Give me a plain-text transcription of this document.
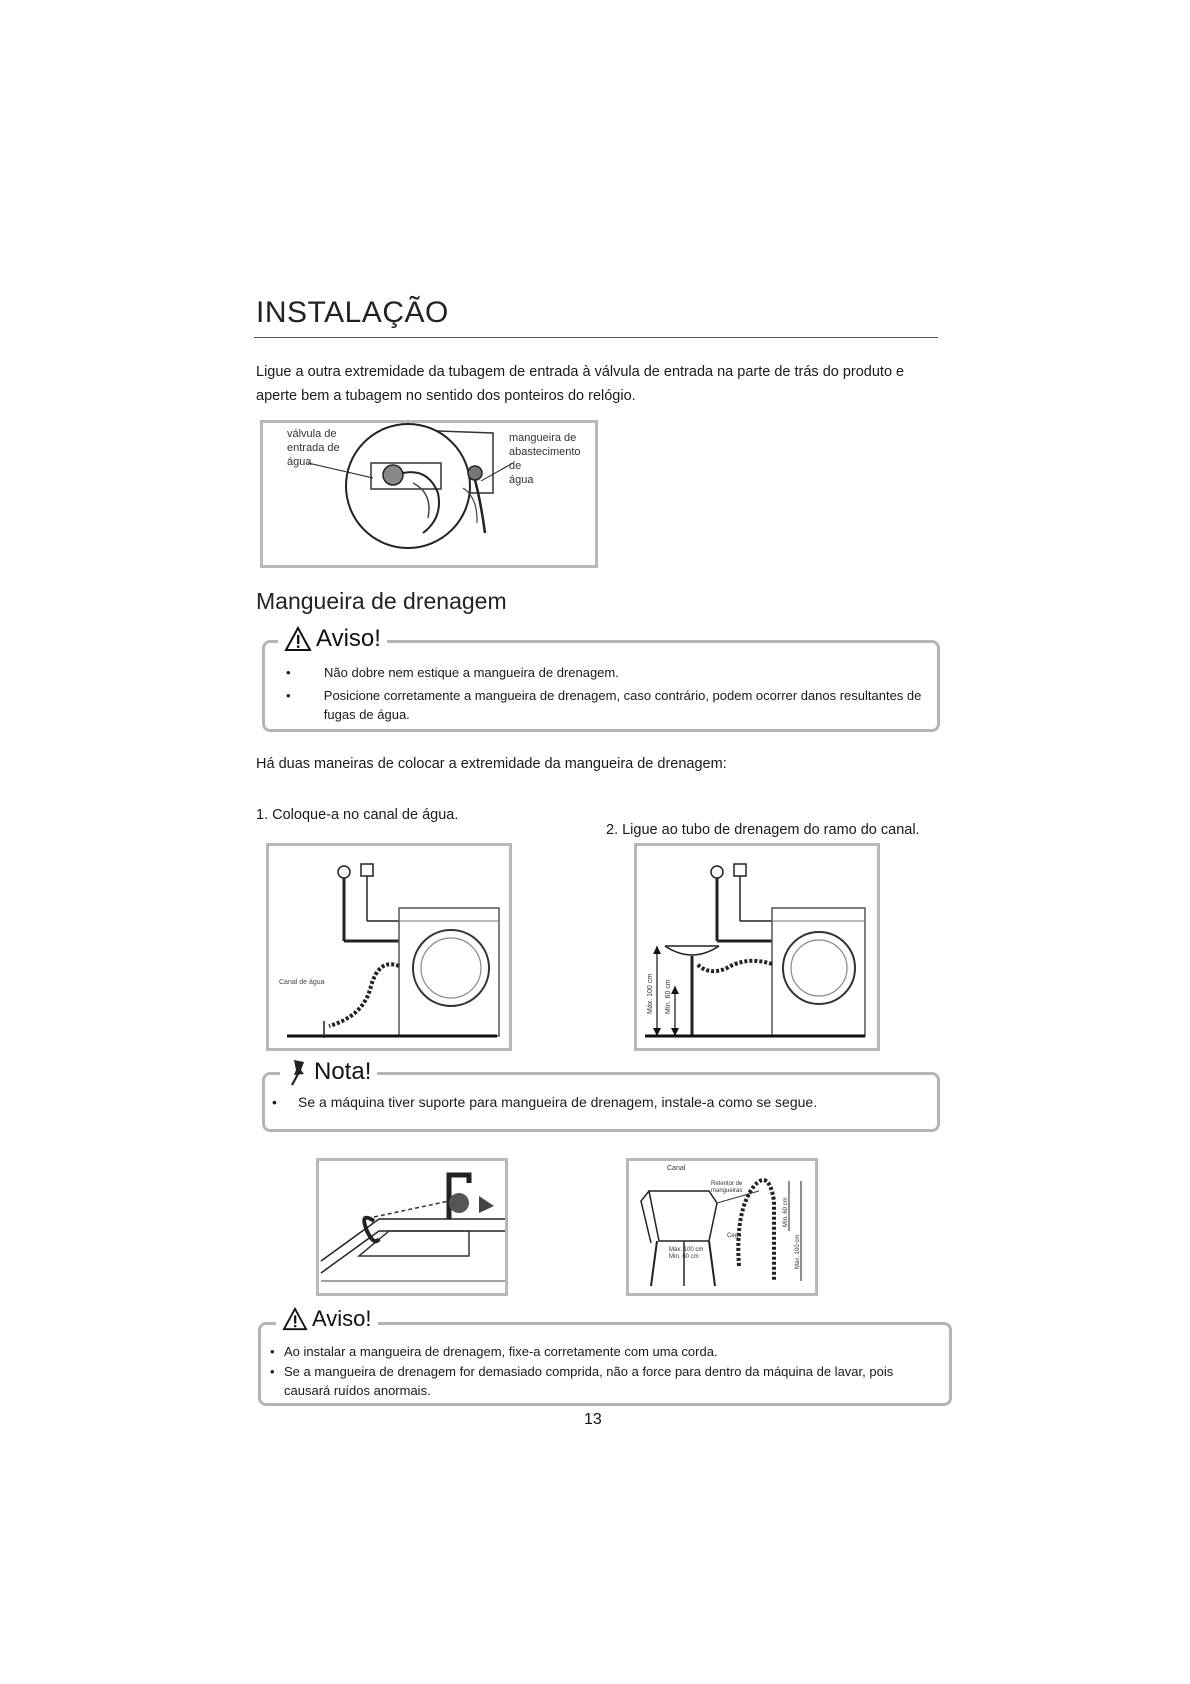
INSTALAÇÃO
Ligue a outra extremidade da tubagem de entrada à válvula de entrada na parte de trás do produto e aperte bem a tubagem no sentido dos ponteiros do relógio.
válvula de
entrada de
água
mangueira de
abastecimento de
água
Mangueira de drenagem
Aviso!
•	Não dobre nem estique a mangueira de drenagem.
•	Posicione corretamente a mangueira de drenagem, caso contrário, podem ocorrer danos resultantes de fugas de água.
Há duas maneiras de colocar a extremidade da mangueira de drenagem:
1. Coloque-a no canal de água.
2. Ligue ao tubo de drenagem do ramo do canal.
Canal de água	Máx. 100 cm Mín. 60 cm
Nota!
•	Se a máquina tiver suporte para mangueira de drenagem, instale-a como se segue.
Canal
Retentor de
mangueiras
Cego
Máx. 100 cm
Mín. 60 cm
Mín. 60 cm
Máx. 100 cm
Aviso!
• Ao instalar a mangueira de drenagem, fixe-a corretamente com uma corda.
• Se a mangueira de drenagem for demasiado comprida, não a force para dentro da máquina de lavar, pois causará ruídos anormais.
13
